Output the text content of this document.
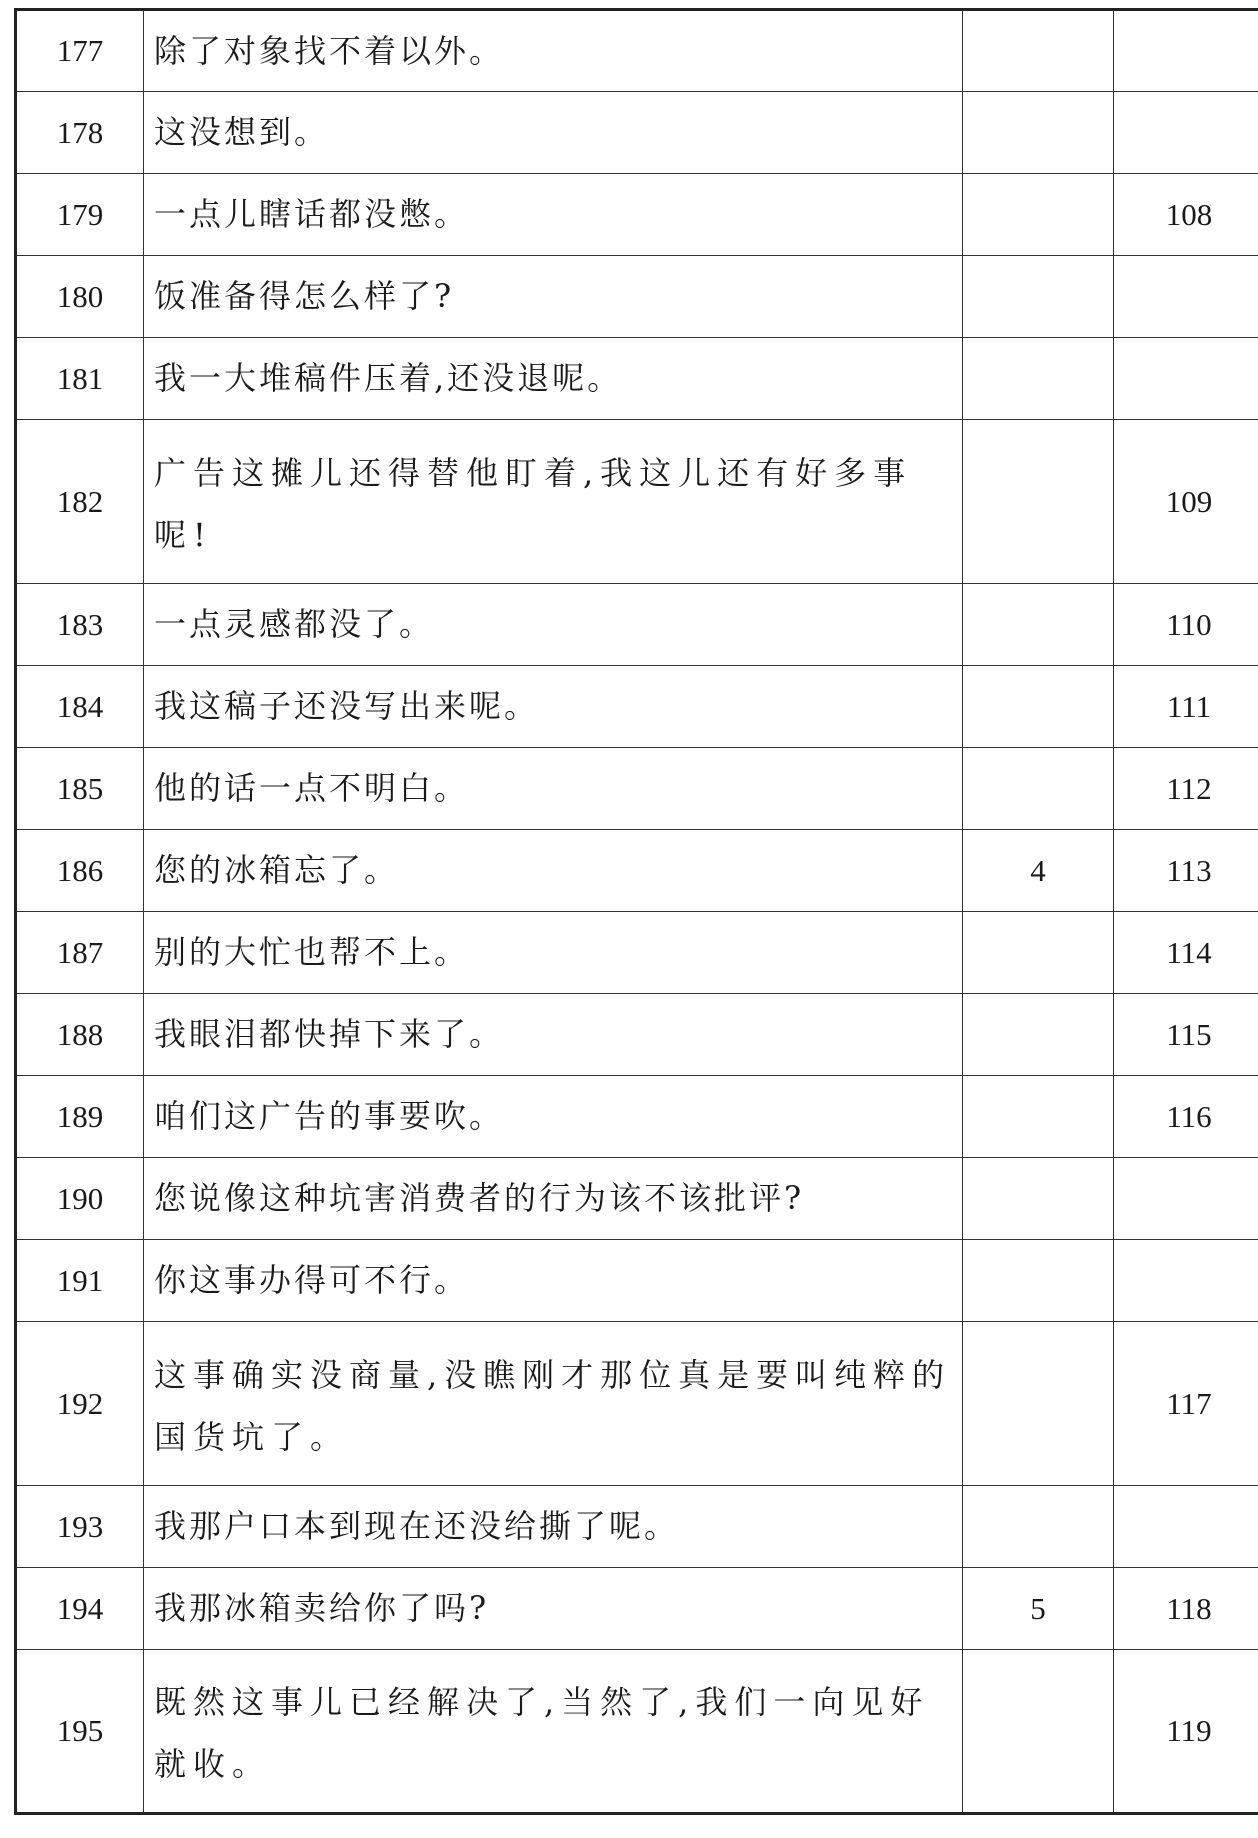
177	除了对象找不着以外。		
178	这没想到。		
179	一点儿瞎话都没憋。		108
180	饭准备得怎么样了?		
181	我一大堆稿件压着,还没退呢。		
182	广告这摊儿还得替他盯着,我这儿还有好多事呢!		109
183	一点灵感都没了。		110
184	我这稿子还没写出来呢。		111
185	他的话一点不明白。		112
186	您的冰箱忘了。	4	113
187	别的大忙也帮不上。		114
188	我眼泪都快掉下来了。		115
189	咱们这广告的事要吹。		116
190	您说像这种坑害消费者的行为该不该批评?		
191	你这事办得可不行。		
192	这事确实没商量,没瞧刚才那位真是要叫纯粹的国货坑了。		117
193	我那户口本到现在还没给撕了呢。		
194	我那冰箱卖给你了吗?	5	118
195	既然这事儿已经解决了,当然了,我们一向见好就收。		119
